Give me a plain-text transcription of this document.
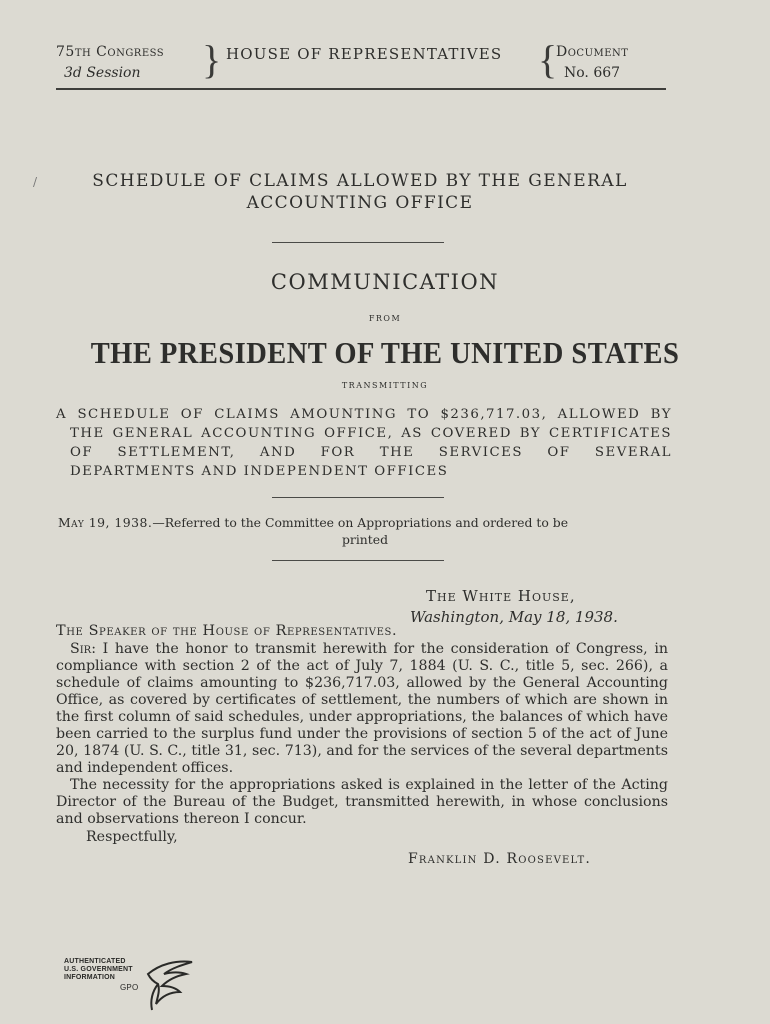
75th Congress
3d Session	} HOUSE OF REPRESENTATIVES {
Document
No. 667
/	SCHEDULE OF CLAIMS ALLOWED BY THE GENERAL
ACCOUNTING OFFICE
COMMUNICATION
FROM
THE PRESIDENT OF THE UNITED STATES
TRANSMITTING
A SCHEDULE OF CLAIMS AMOUNTING TO $236,717.03, ALLOWED BY THE GENERAL ACCOUNTING OFFICE, AS COVERED BY CERTIFICATES OF SETTLEMENT, AND FOR THE SERVICES OF SEVERAL DEPARTMENTS AND INDEPENDENT OFFICES
May 19, 1938.—Referred to the Committee on Appropriations and ordered to be
printed
The White House,
Washington, May 18, 1938.
The Speaker of the House of Representatives.

Sir: I have the honor to transmit herewith for the consideration of Congress, in compliance with section 2 of the act of July 7, 1884 (U. S. C., title 5, sec. 266), a schedule of claims amounting to $236,717.03, allowed by the General Accounting Office, as covered by certificates of settlement, the numbers of which are shown in the first column of said schedules, under appropriations, the balances of which have been carried to the surplus fund under the provisions of section 5 of the act of June 20, 1874 (U. S. C., title 31, sec. 713), and for the services of the several departments and independent offices.

The necessity for the appropriations asked is explained in the letter of the Acting Director of the Bureau of the Budget, transmitted herewith, in whose conclusions and observations thereon I concur.

Respectfully,
Franklin D. Roosevelt.
AUTHENTICATED
U.S. GOVERNMENT
INFORMATION
GPO
